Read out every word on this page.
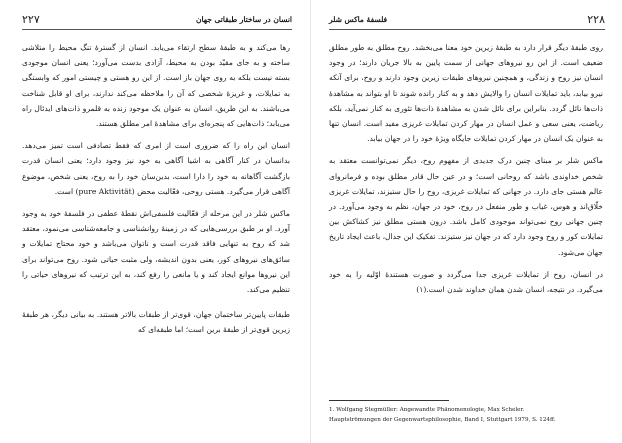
۲۲۷	انسان در ساختار طبقاتی جهان

رها می‌کند و به طبقهٔ سطح ارتقاء می‌یابد. انسان از گسترهٔ تنگ محیط را متلاشی ساخته و به جای مقیّد بودن به محیط، آزادی بدست می‌آورد؛ یعنی انسان موجودی بسته نیست بلکه به روی جهان باز است. از این رو هستی و چیستی امور که وابستگی به تمایلات، و غریزهٔ شخصی که آن را ملاحظه می‌کند ندارند، برای او قابل شناخت می‌باشند. به این طریق، انسان به عنوان یک موجود زنده به قلمرو ذات‌های ایدئال راه می‌یابد؛ ذات‌هایی که پنجره‌ای برای مشاهدهٔ امر مطلق هستند.

انسان این راه را که ضروری است از امری که فقط تصادفی است تمیز می‌دهد. بدانسان در کنار آگاهی به اشیا آگاهی به خود نیز وجود دارد؛ یعنی انسان قدرت بازگشت آگاهانه به خود را دارا است، بدین‌سان خود را به روح، یعنی شخص، موضوع آگاهی قرار می‌گیرد. هستی روحی، فعّالیت محض (pure Aktivität) است.

ماکس شلر در این مرحله از فعّالیت فلسفی‌اش نقطهٔ عطفی در فلسفهٔ خود به وجود آورد. او بر طبق بررسی‌هایی که در زمینهٔ روانشناسی و جامعه‌شناسی می‌نمود، معتقد شد که روح به تنهایی فاقد قدرت است و ناتوان می‌باشد و خود محتاج تمایلات و سائق‌های نیروهای کور، یعنی بدون اندیشه، ولی مثبت حیاتی شود. روح می‌تواند برای این نیروها موانع ایجاد کند و یا مانعی را رفع کند، به این ترتیب که نیروهای حیاتی را تنظیم می‌کند.

طبقات پایین‌تر ساختمان جهان، قوی‌تر از طبقات بالاتر هستند. به بیانی دیگر، هر طبقهٔ زیرین قوی‌تر از طبقهٔ برین است؛ اما طبقه‌ای که

فلسفهٔ ماکس شلر	۲۲۸

روی طبقهٔ دیگر قرار دارد به طبقهٔ زیرین خود معنا می‌بخشد. روح مطلق به طور مطلق ضعیف است. از این رو نیروهای جهانی از سمت پایین به بالا جریان دارند؛ در وجود انسان نیز روح و زندگی، و همچنین نیروهای طبقات زیرین وجود دارند و روح، برای آنکه نیرو بیابد، باید تمایلات انسان را والایش دهد و به کنار رانده شوند تا او بتواند به مشاهدهٔ ذات‌ها نائل گردد. بنابراین برای نائل شدن به مشاهدهٔ ذات‌ها تئوری به کنار نمی‌آید، بلکه ریاضت، یعنی سعی و عمل انسان در مهار کردن تمایلات غریزی مفید است. انسان تنها به عنوان یک انسان در مهار کردن تمایلات جایگاه ویژهٔ خود را در جهان بیابد.

ماکس شلر بر مبنای چنین درک جدیدی از مفهوم روح، دیگر نمی‌توانست معتقد به شخص خداوندی باشد که روحانی است؛ و در عین حال قادر مطلق بوده و فرمانروای عالم هستی جای دارد. در جهانی که تمایلات غریزی، روح را حال ستیزند، تمایلات غریزی خلّاق‌اند و هوس، غیاب و طور منفعل در روح، خود در جهان، نظم به وجود می‌آورد. در چنین جهانی روح نمی‌تواند موجودی کامل باشد. درون هستی مطلق نیز کشاکش بین تمایلات کور و روح وجود دارد که در جهان نیز ستیزند. تفکیک این جدال، باعث ایجاد تاریخ جهان می‌شود.

در انسان، روح از تمایلات غریزی جدا می‌گردد و صورت هستندهٔ اوّلیه را به خود می‌گیرد. در نتیجه، انسان شدن همان خداوند شدن است.(۱)

1. Wolfgang Stegmüller: Angewandte Phänomenologie, Max Scheler.
Hauptströmungen der Gegenwartsphilosophie, Band I, Stuttgart 1979, S. 124ff.
